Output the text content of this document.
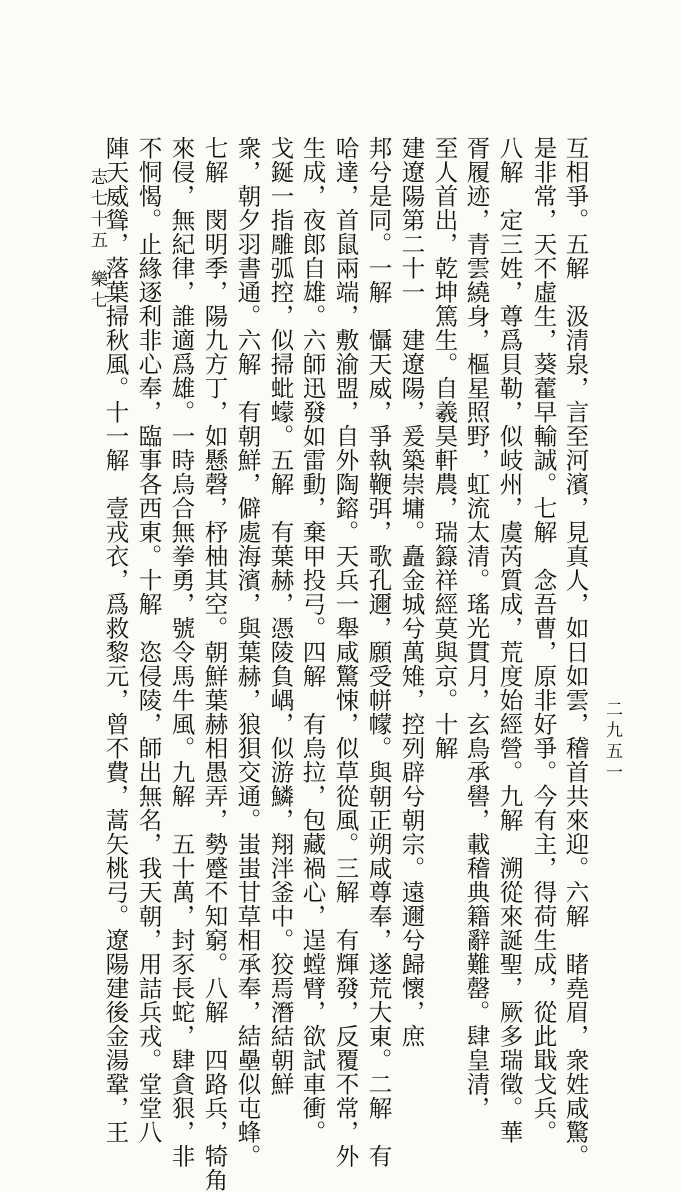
互相爭。五解　汲清泉，言至河濱，見真人，如日如雲，稽首共來迎。六解　睹堯眉，衆姓咸驚。
是非常，天不虛生，葵藿早輸誠。七解　念吾曹，原非好爭。今有主，得荷生成，從此戢戈兵。
八解　定三姓，尊爲貝勒，似岐州，虞芮質成，荒度始經營。九解　溯從來誕聖，厥多瑞徵。華
胥履迹，青雲繞身，樞星照野，虹流太清。瑤光貫月，玄鳥承嚳，載稽典籍辭難罄。肆皇清，
至人首出，乾坤篤生。自羲昊軒農，瑞籙祥經莫與京。十解
建遼陽第二十一　建遼陽，爰築崇墉。矗金城兮萬雉，控列辟兮朝宗。遠邇兮歸懷，庶
邦兮是同。一解　懾天威，爭執鞭弭，歌孔邇，願受帡幪。與朝正朔咸尊奉，遂荒大東。二解　有
哈達，首鼠兩端，敷渝盟，自外陶鎔。天兵一舉咸驚悚，似草從風。三解　有輝發，反覆不常，外
生成，夜郎自雄。六師迅發如雷動，棄甲投弓。四解　有烏拉，包藏禍心，逞螳臂，欲試車衝。
戈鋋一指雕弧控，似掃蚍蠓。五解　有葉赫，憑陵負嵎，似游鱗，翔泮釜中。狡焉潛結朝鮮
衆，朝夕羽書通。六解　有朝鮮，僻處海濱，與葉赫，狼狽交通。蚩蚩甘草相承奉，結壘似屯蜂。
七解　閔明季，陽九方丁，如懸磬，杼柚其空。朝鮮葉赫相愚弄，勢蹙不知窮。八解　四路兵，犄角
來侵，無紀律，誰適爲雄。一時烏合無拳勇，號令馬牛風。九解　五十萬，封豕長蛇，肆貪狠，非
不恫愒。止緣逐利非心奉，臨事各西東。十解　恣侵陵，師出無名，我天朝，用詰兵戎。堂堂八
陣天威聳，落葉掃秋風。十一解　壹戎衣，爲救黎元，曾不費，蒿矢桃弓。遼陽建後金湯鞏，王
志七十五
樂七
二九五一
